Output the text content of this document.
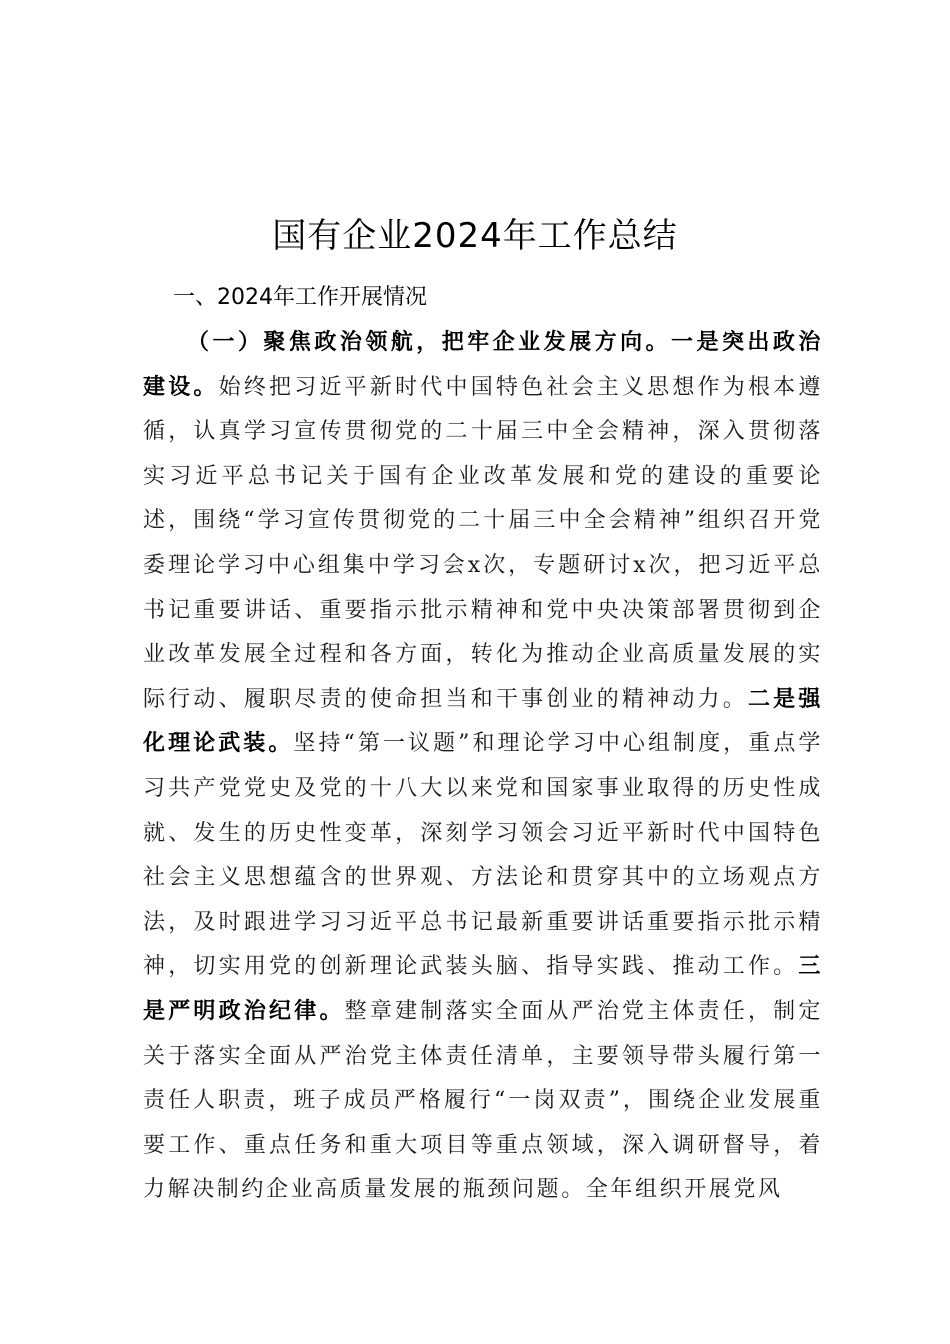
国有企业2024年工作总结
一、2024年工作开展情况

（一）聚焦政治领航，把牢企业发展方向。一是突出政治建设。始终把习近平新时代中国特色社会主义思想作为根本遵循，认真学习宣传贯彻党的二十届三中全会精神，深入贯彻落实习近平总书记关于国有企业改革发展和党的建设的重要论述，围绕“学习宣传贯彻党的二十届三中全会精神”组织召开党委理论学习中心组集中学习会x次，专题研讨x次，把习近平总书记重要讲话、重要指示批示精神和党中央决策部署贯彻到企业改革发展全过程和各方面，转化为推动企业高质量发展的实际行动、履职尽责的使命担当和干事创业的精神动力。二是强化理论武装。坚持“第一议题”和理论学习中心组制度，重点学习共产党党史及党的十八大以来党和国家事业取得的历史性成就、发生的历史性变革，深刻学习领会习近平新时代中国特色社会主义思想蕴含的世界观、方法论和贯穿其中的立场观点方法，及时跟进学习习近平总书记最新重要讲话重要指示批示精神，切实用党的创新理论武装头脑、指导实践、推动工作。三是严明政治纪律。整章建制落实全面从严治党主体责任，制定关于落实全面从严治党主体责任清单，主要领导带头履行第一责任人职责，班子成员严格履行“一岗双责”，围绕企业发展重要工作、重点任务和重大项目等重点领域，深入调研督导，着力解决制约企业高质量发展的瓶颈问题。全年组织开展党风
